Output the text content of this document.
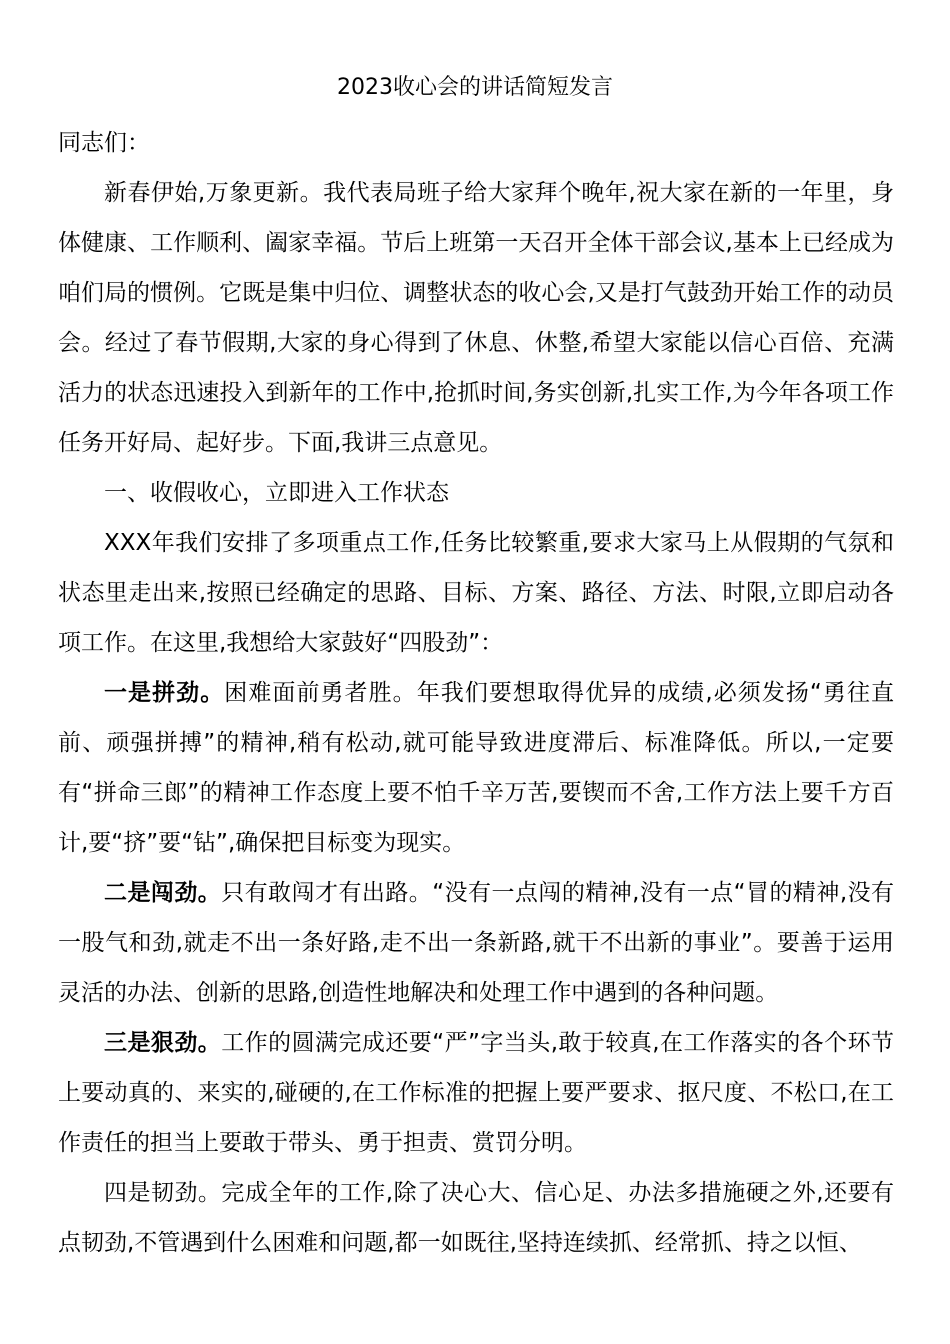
2023收心会的讲话简短发言

同志们：

新春伊始,万象更新。我代表局班子给大家拜个晚年,祝大家在新的一年里，身体健康、工作顺利、阖家幸福。节后上班第一天召开全体干部会议,基本上已经成为咱们局的惯例。它既是集中归位、调整状态的收心会,又是打气鼓劲开始工作的动员会。经过了春节假期,大家的身心得到了休息、休整,希望大家能以信心百倍、充满活力的状态迅速投入到新年的工作中,抢抓时间,务实创新,扎实工作,为今年各项工作任务开好局、起好步。下面,我讲三点意见。

一、收假收心，立即进入工作状态

XXX年我们安排了多项重点工作,任务比较繁重,要求大家马上从假期的气氛和状态里走出来,按照已经确定的思路、目标、方案、路径、方法、时限,立即启动各项工作。在这里,我想给大家鼓好“四股劲”：

一是拼劲。困难面前勇者胜。年我们要想取得优异的成绩,必须发扬“勇往直前、顽强拼搏”的精神,稍有松动,就可能导致进度滞后、标准降低。所以,一定要有“拼命三郎”的精神工作态度上要不怕千辛万苦,要锲而不舍,工作方法上要千方百计,要“挤”要“钻”,确保把目标变为现实。

二是闯劲。只有敢闯才有出路。“没有一点闯的精神,没有一点“冒的精神,没有一股气和劲,就走不出一条好路,走不出一条新路,就干不出新的事业”。要善于运用灵活的办法、创新的思路,创造性地解决和处理工作中遇到的各种问题。

三是狠劲。工作的圆满完成还要“严”字当头,敢于较真,在工作落实的各个环节上要动真的、来实的,碰硬的,在工作标准的把握上要严要求、抠尺度、不松口,在工作责任的担当上要敢于带头、勇于担责、赏罚分明。

四是韧劲。完成全年的工作,除了决心大、信心足、办法多措施硬之外,还要有点韧劲,不管遇到什么困难和问题,都一如既往,坚持连续抓、经常抓、持之以恒、
